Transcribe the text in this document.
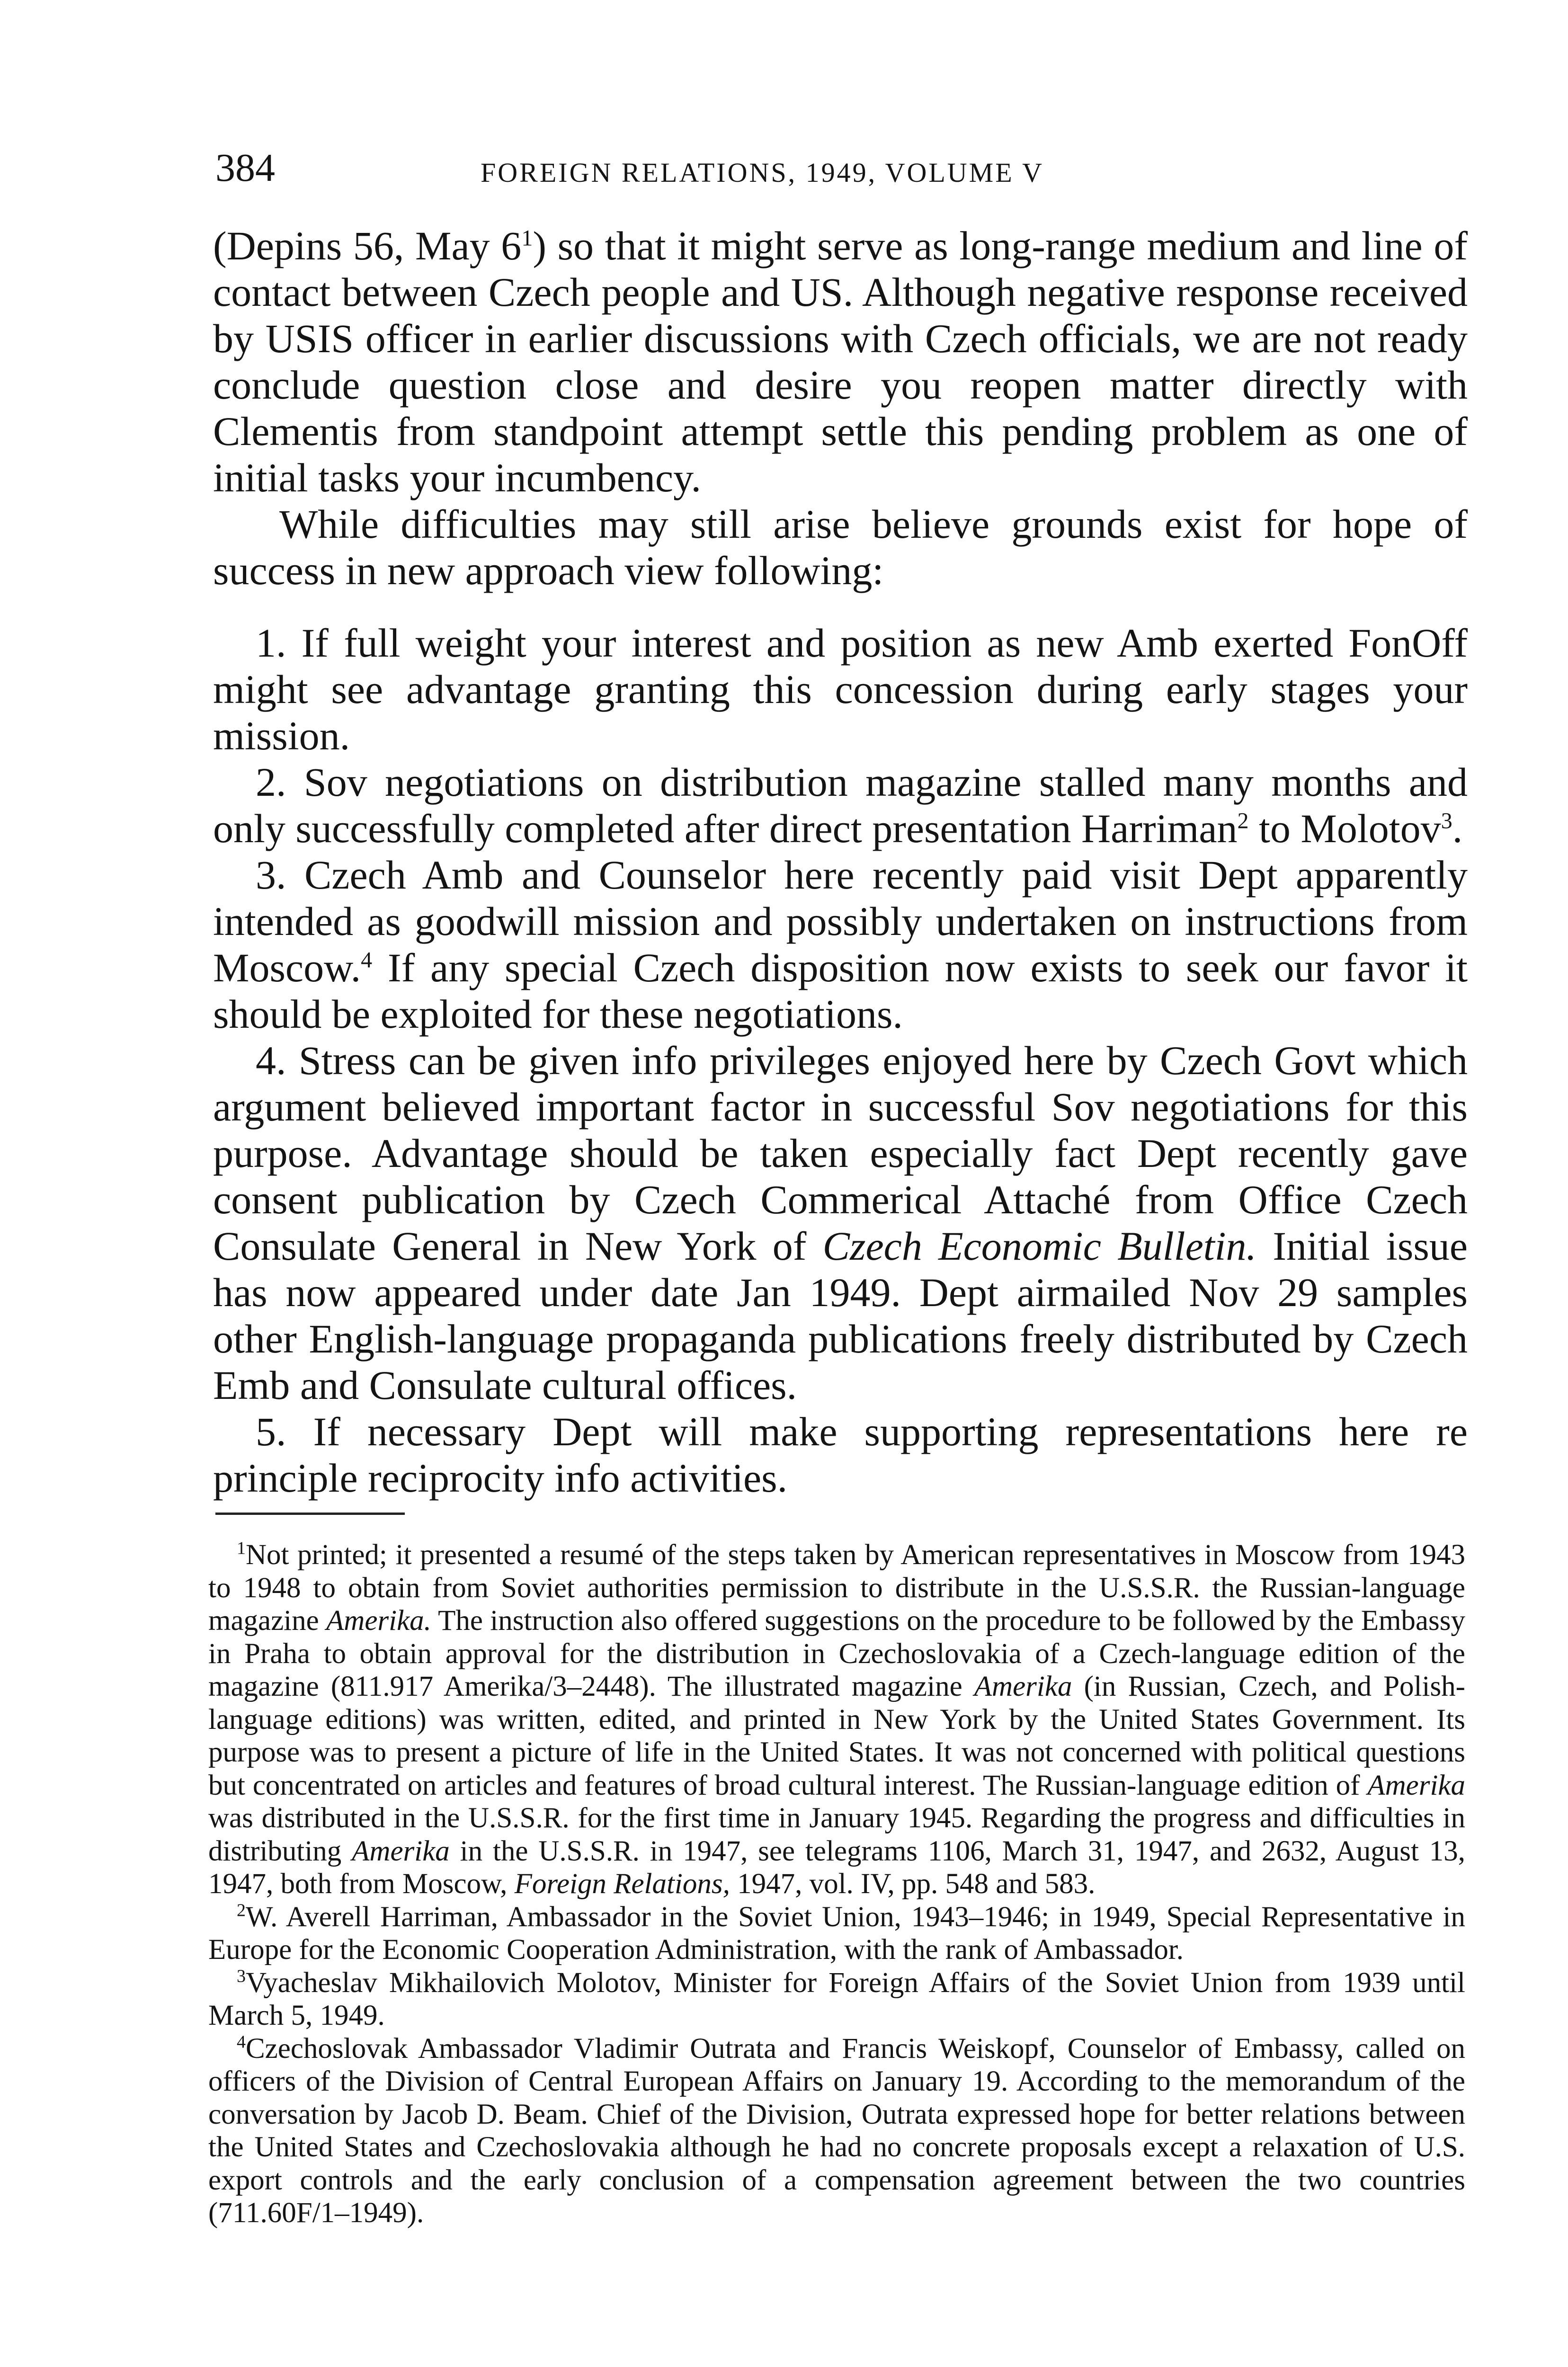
384	FOREIGN RELATIONS, 1949, VOLUME V

(Depins 56, May 6$^1$) so that it might serve as long-range medium and line of contact between Czech people and US. Although negative response received by USIS officer in earlier discussions with Czech officials, we are not ready conclude question close and desire you reopen matter directly with Clementis from standpoint attempt settle this pending problem as one of initial tasks your incumbency.

While difficulties may still arise believe grounds exist for hope of success in new approach view following:

1. If full weight your interest and position as new Amb exerted FonOff might see advantage granting this concession during early stages your mission.

2. Sov negotiations on distribution magazine stalled many months and only successfully completed after direct presentation Harriman$^2$ to Molotov$^3$.

3. Czech Amb and Counselor here recently paid visit Dept apparently intended as goodwill mission and possibly undertaken on instructions from Moscow.$^4$ If any special Czech disposition now exists to seek our favor it should be exploited for these negotiations.

4. Stress can be given info privileges enjoyed here by Czech Govt which argument believed important factor in successful Sov negotiations for this purpose. Advantage should be taken especially fact Dept recently gave consent publication by Czech Commerical Attaché from Office Czech Consulate General in New York of Czech Economic Bulletin. Initial issue has now appeared under date Jan 1949. Dept airmailed Nov 29 samples other English-language propaganda publications freely distributed by Czech Emb and Consulate cultural offices.

5. If necessary Dept will make supporting representations here re principle reciprocity info activities.

$^1$Not printed; it presented a resumé of the steps taken by American representatives in Moscow from 1943 to 1948 to obtain from Soviet authorities permission to distribute in the U.S.S.R. the Russian-language magazine Amerika. The instruction also offered suggestions on the procedure to be followed by the Embassy in Praha to obtain approval for the distribution in Czechoslovakia of a Czech-language edition of the magazine (811.917 Amerika/3–2448). The illustrated magazine Amerika (in Russian, Czech, and Polish-language editions) was written, edited, and printed in New York by the United States Government. Its purpose was to present a picture of life in the United States. It was not concerned with political questions but concentrated on articles and features of broad cultural interest. The Russian-language edition of Amerika was distributed in the U.S.S.R. for the first time in January 1945. Regarding the progress and difficulties in distributing Amerika in the U.S.S.R. in 1947, see telegrams 1106, March 31, 1947, and 2632, August 13, 1947, both from Moscow, Foreign Relations, 1947, vol. IV, pp. 548 and 583.

$^2$W. Averell Harriman, Ambassador in the Soviet Union, 1943–1946; in 1949, Special Representative in Europe for the Economic Cooperation Administration, with the rank of Ambassador.

$^3$Vyacheslav Mikhailovich Molotov, Minister for Foreign Affairs of the Soviet Union from 1939 until March 5, 1949.

$^4$Czechoslovak Ambassador Vladimir Outrata and Francis Weiskopf, Counselor of Embassy, called on officers of the Division of Central European Affairs on January 19. According to the memorandum of the conversation by Jacob D. Beam. Chief of the Division, Outrata expressed hope for better relations between the United States and Czechoslovakia although he had no concrete proposals except a relaxation of U.S. export controls and the early conclusion of a compensation agreement between the two countries (711.60F/1–1949).
